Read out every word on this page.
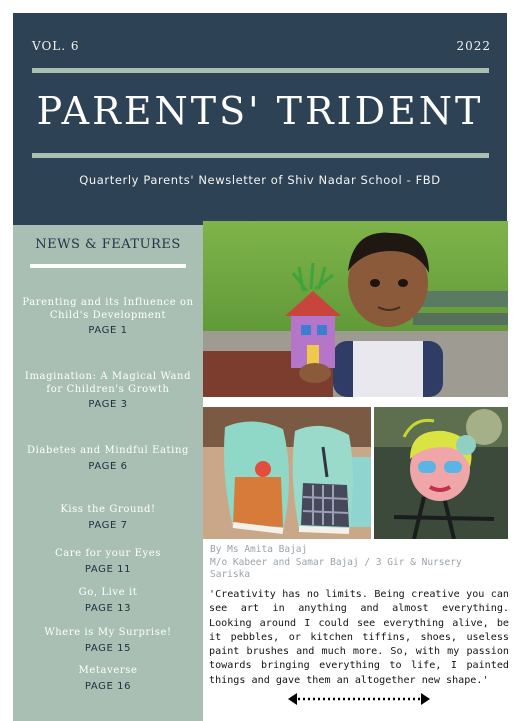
VOL. 6	2022
PARENTS' TRIDENT
Quarterly Parents' Newsletter of Shiv Nadar School - FBD
NEWS & FEATURES
Parenting and its Influence on Child's Development
PAGE 1
Imagination: A Magical Wand for Children's Growth
PAGE 3
Diabetes and Mindful Eating
PAGE 6
Kiss the Ground!
PAGE 7
Care for your Eyes
PAGE 11
Go, Live it
PAGE 13
Where is My Surprise!
PAGE 15
Metaverse
PAGE 16
By Ms Amita Bajaj
M/o Kabeer and Samar Bajaj / 3 Gir & Nursery Sariska
'Creativity has no limits. Being creative you can see art in anything and almost everything. Looking around I could see everything alive, be it pebbles, or kitchen tiffins, shoes, useless paint brushes and much more. So, with my passion towards bringing everything to life, I painted things and gave them an altogether new shape.'
